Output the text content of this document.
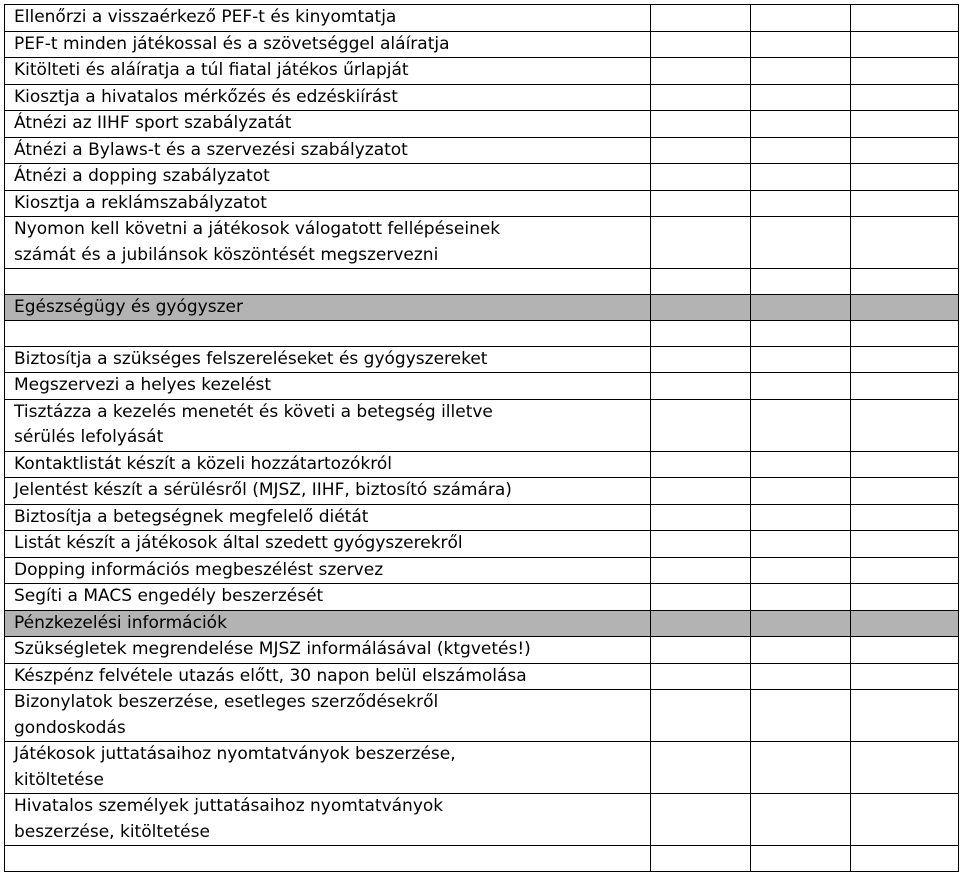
Ellenőrzi a visszaérkező PEF-t és kinyomtatja			

PEF-t minden játékossal és a szövetséggel aláíratja			

Kitölteti és aláíratja a túl fiatal játékos űrlapját			

Kiosztja a hivatalos mérkőzés és edzéskiírást			

Átnézi az IIHF sport szabályzatát			

Átnézi a Bylaws-t és a szervezési szabályzatot			

Átnézi a dopping szabályzatot			

Kiosztja a reklámszabályzatot			

Nyomon kell követni a játékosok válogatott fellépéseinek
számát és a jubilánsok köszöntését megszervezni			

Egészségügy és gyógyszer			

Biztosítja a szükséges felszereléseket és gyógyszereket			

Megszervezi a helyes kezelést			

Tisztázza a kezelés menetét és követi a betegség illetve
sérülés lefolyását			

Kontaktlistát készít a közeli hozzátartozókról			

Jelentést készít a sérülésről (MJSZ, IIHF, biztosító számára)			

Biztosítja a betegségnek megfelelő diétát			

Listát készít a játékosok által szedett gyógyszerekről			

Dopping információs megbeszélést szervez			

Segíti a MACS engedély beszerzését			

Pénzkezelési információk			

Szükségletek megrendelése MJSZ informálásával (ktgvetés!)			

Készpénz felvétele utazás előtt, 30 napon belül elszámolása			

Bizonylatok beszerzése, esetleges szerződésekről
gondoskodás			

Játékosok juttatásaihoz nyomtatványok beszerzése,
kitöltetése			

Hivatalos személyek juttatásaihoz nyomtatványok
beszerzése, kitöltetése			
